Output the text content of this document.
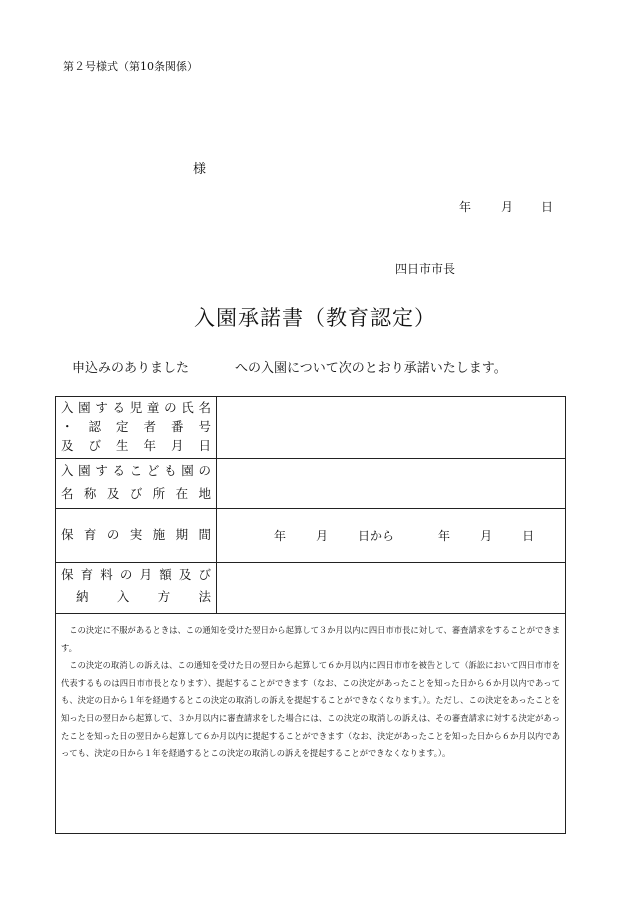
第２号様式（第10条関係）
様
年	月 日
四日市市長
入園承諾書（教育認定）
申込みのありました	への入園について次のとおり承諾いたします。
入園する児童の氏名
・ 認 定 者 番 号
及 び 生 年 月 日
入園するこども園の
名 称 及 び 所 在 地
保 育 の 実 施 期 間	年	月	日から	年	月	日
保 育 料 の 月 額 及 び
納 入 方 法

この決定に不服があるときは、この通知を受けた翌日から起算して３か月以内に四日市市長に対して、審査請求をすることができます。

この決定の取消しの訴えは、この通知を受けた日の翌日から起算して６か月以内に四日市市を被告として（訴訟において四日市市を代表するものは四日市市長となります）、提起することができます（なお、この決定があったことを知った日から６か月以内であっても、決定の日から１年を経過するとこの決定の取消しの訴えを提起することができなくなります。）。ただし、この決定をあったことを知った日の翌日から起算して、３か月以内に審査請求をした場合には、この決定の取消しの訴えは、その審査請求に対する決定があったことを知った日の翌日から起算して６か月以内に提起することができます（なお、決定があったことを知った日から６か月以内であっても、決定の日から１年を経過するとこの決定の取消しの訴えを提起することができなくなります。）。
